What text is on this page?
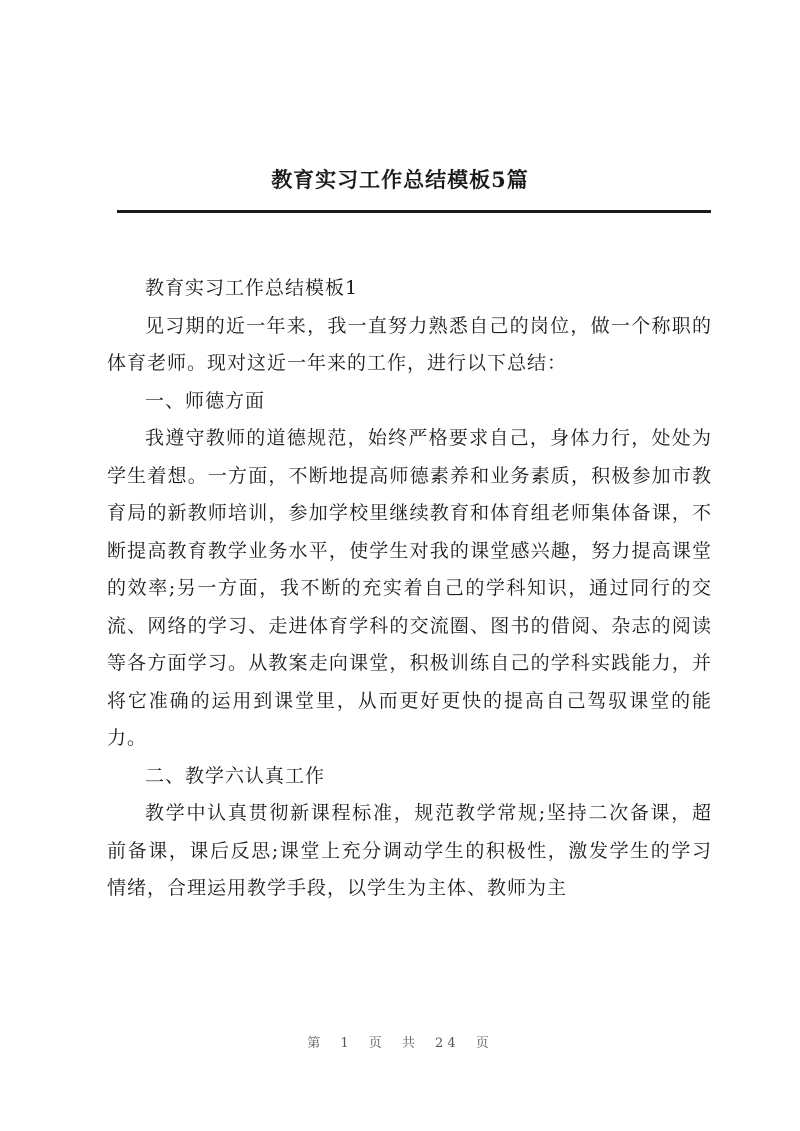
教育实习工作总结模板5篇

教育实习工作总结模板1

见习期的近一年来，我一直努力熟悉自己的岗位，做一个称职的体育老师。现对这近一年来的工作，进行以下总结：

一、师德方面

我遵守教师的道德规范，始终严格要求自己，身体力行，处处为学生着想。一方面，不断地提高师德素养和业务素质，积极参加市教育局的新教师培训，参加学校里继续教育和体育组老师集体备课，不断提高教育教学业务水平，使学生对我的课堂感兴趣，努力提高课堂的效率;另一方面，我不断的充实着自己的学科知识，通过同行的交流、网络的学习、走进体育学科的交流圈、图书的借阅、杂志的阅读等各方面学习。从教案走向课堂，积极训练自己的学科实践能力，并将它准确的运用到课堂里，从而更好更快的提高自己驾驭课堂的能力。

二、教学六认真工作

教学中认真贯彻新课程标准，规范教学常规;坚持二次备课，超前备课，课后反思;课堂上充分调动学生的积极性，激发学生的学习情绪，合理运用教学手段，以学生为主体、教师为主

第 1 页 共 24 页
